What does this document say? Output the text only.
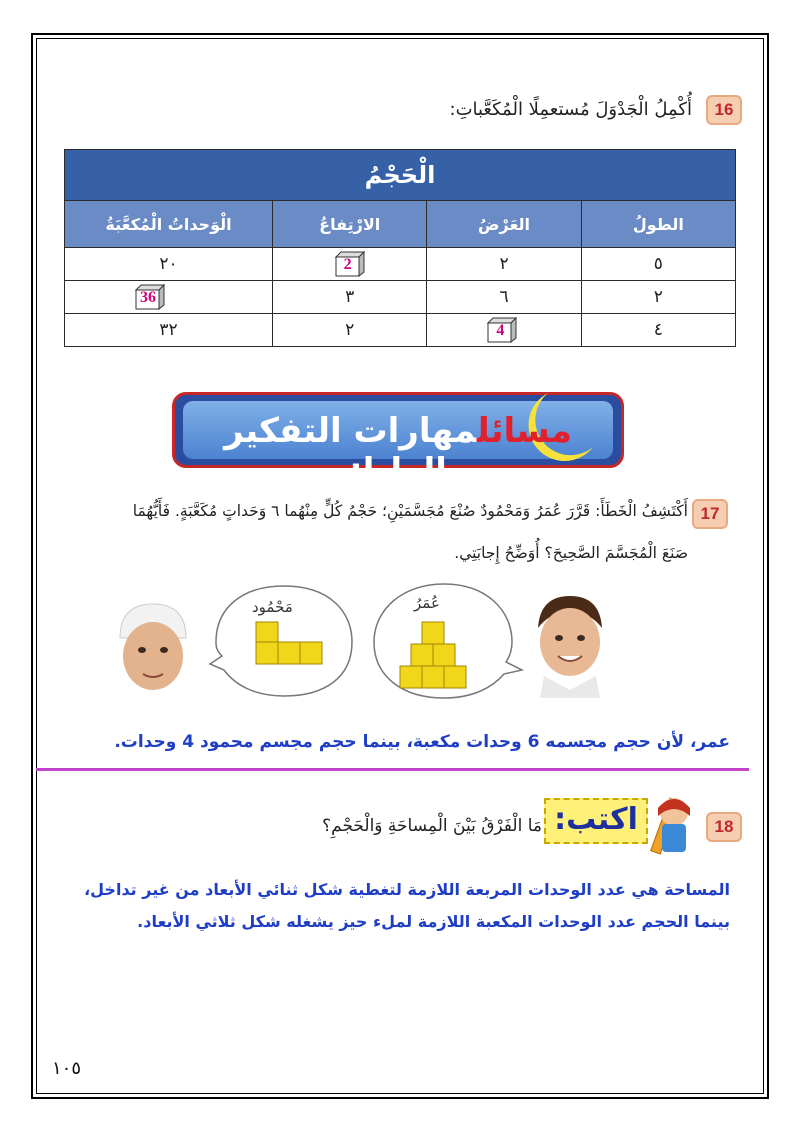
16
أُكْمِلُ الْجَدْوَلَ مُستعمِلًا الْمُكَعَّباتِ:
الْحَجْمُ			
الطولُ	العَرْضُ	الارْتِفاعُ	الْوَحداتُ الْمُكعَّبَةُ
٥	٢	2	٢٠
٢	٦	٣	36

٤	4	٢	٣٢
مسائلمهارات التفكير العليا:
17
أَكْتَشِفُ الْخَطَأَ: قَرَّرَ عُمَرُ وَمَحْمُودٌ صُنْعَ مُجَسَّمَيْنِ؛ حَجْمُ كُلٍّ مِنْهُما ٦ وَحَداتٍ مُكَعَّبَةٍ. فَأَيُّهُمَا
صَنَعَ الْمُجَسَّمَ الصَّحِيحَ؟ أُوَضِّحُ إِجابَتِي.
مَحْمُود	عُمَرُ
عمر، لأن حجم مجسمه 6 وحدات مكعبة، بينما حجم مجسم محمود 4 وحدات.
18
اكتب:
مَا الْفَرْقُ بَيْنَ الْمِساحَةِ وَالْحَجْمِ؟
المساحة هي عدد الوحدات المربعة اللازمة لتغطية شكل ثنائي الأبعاد من غير تداخل،
بينما الحجم عدد الوحدات المكعبة اللازمة لملء حيز يشغله شكل ثلاثي الأبعاد.
١٠٥
